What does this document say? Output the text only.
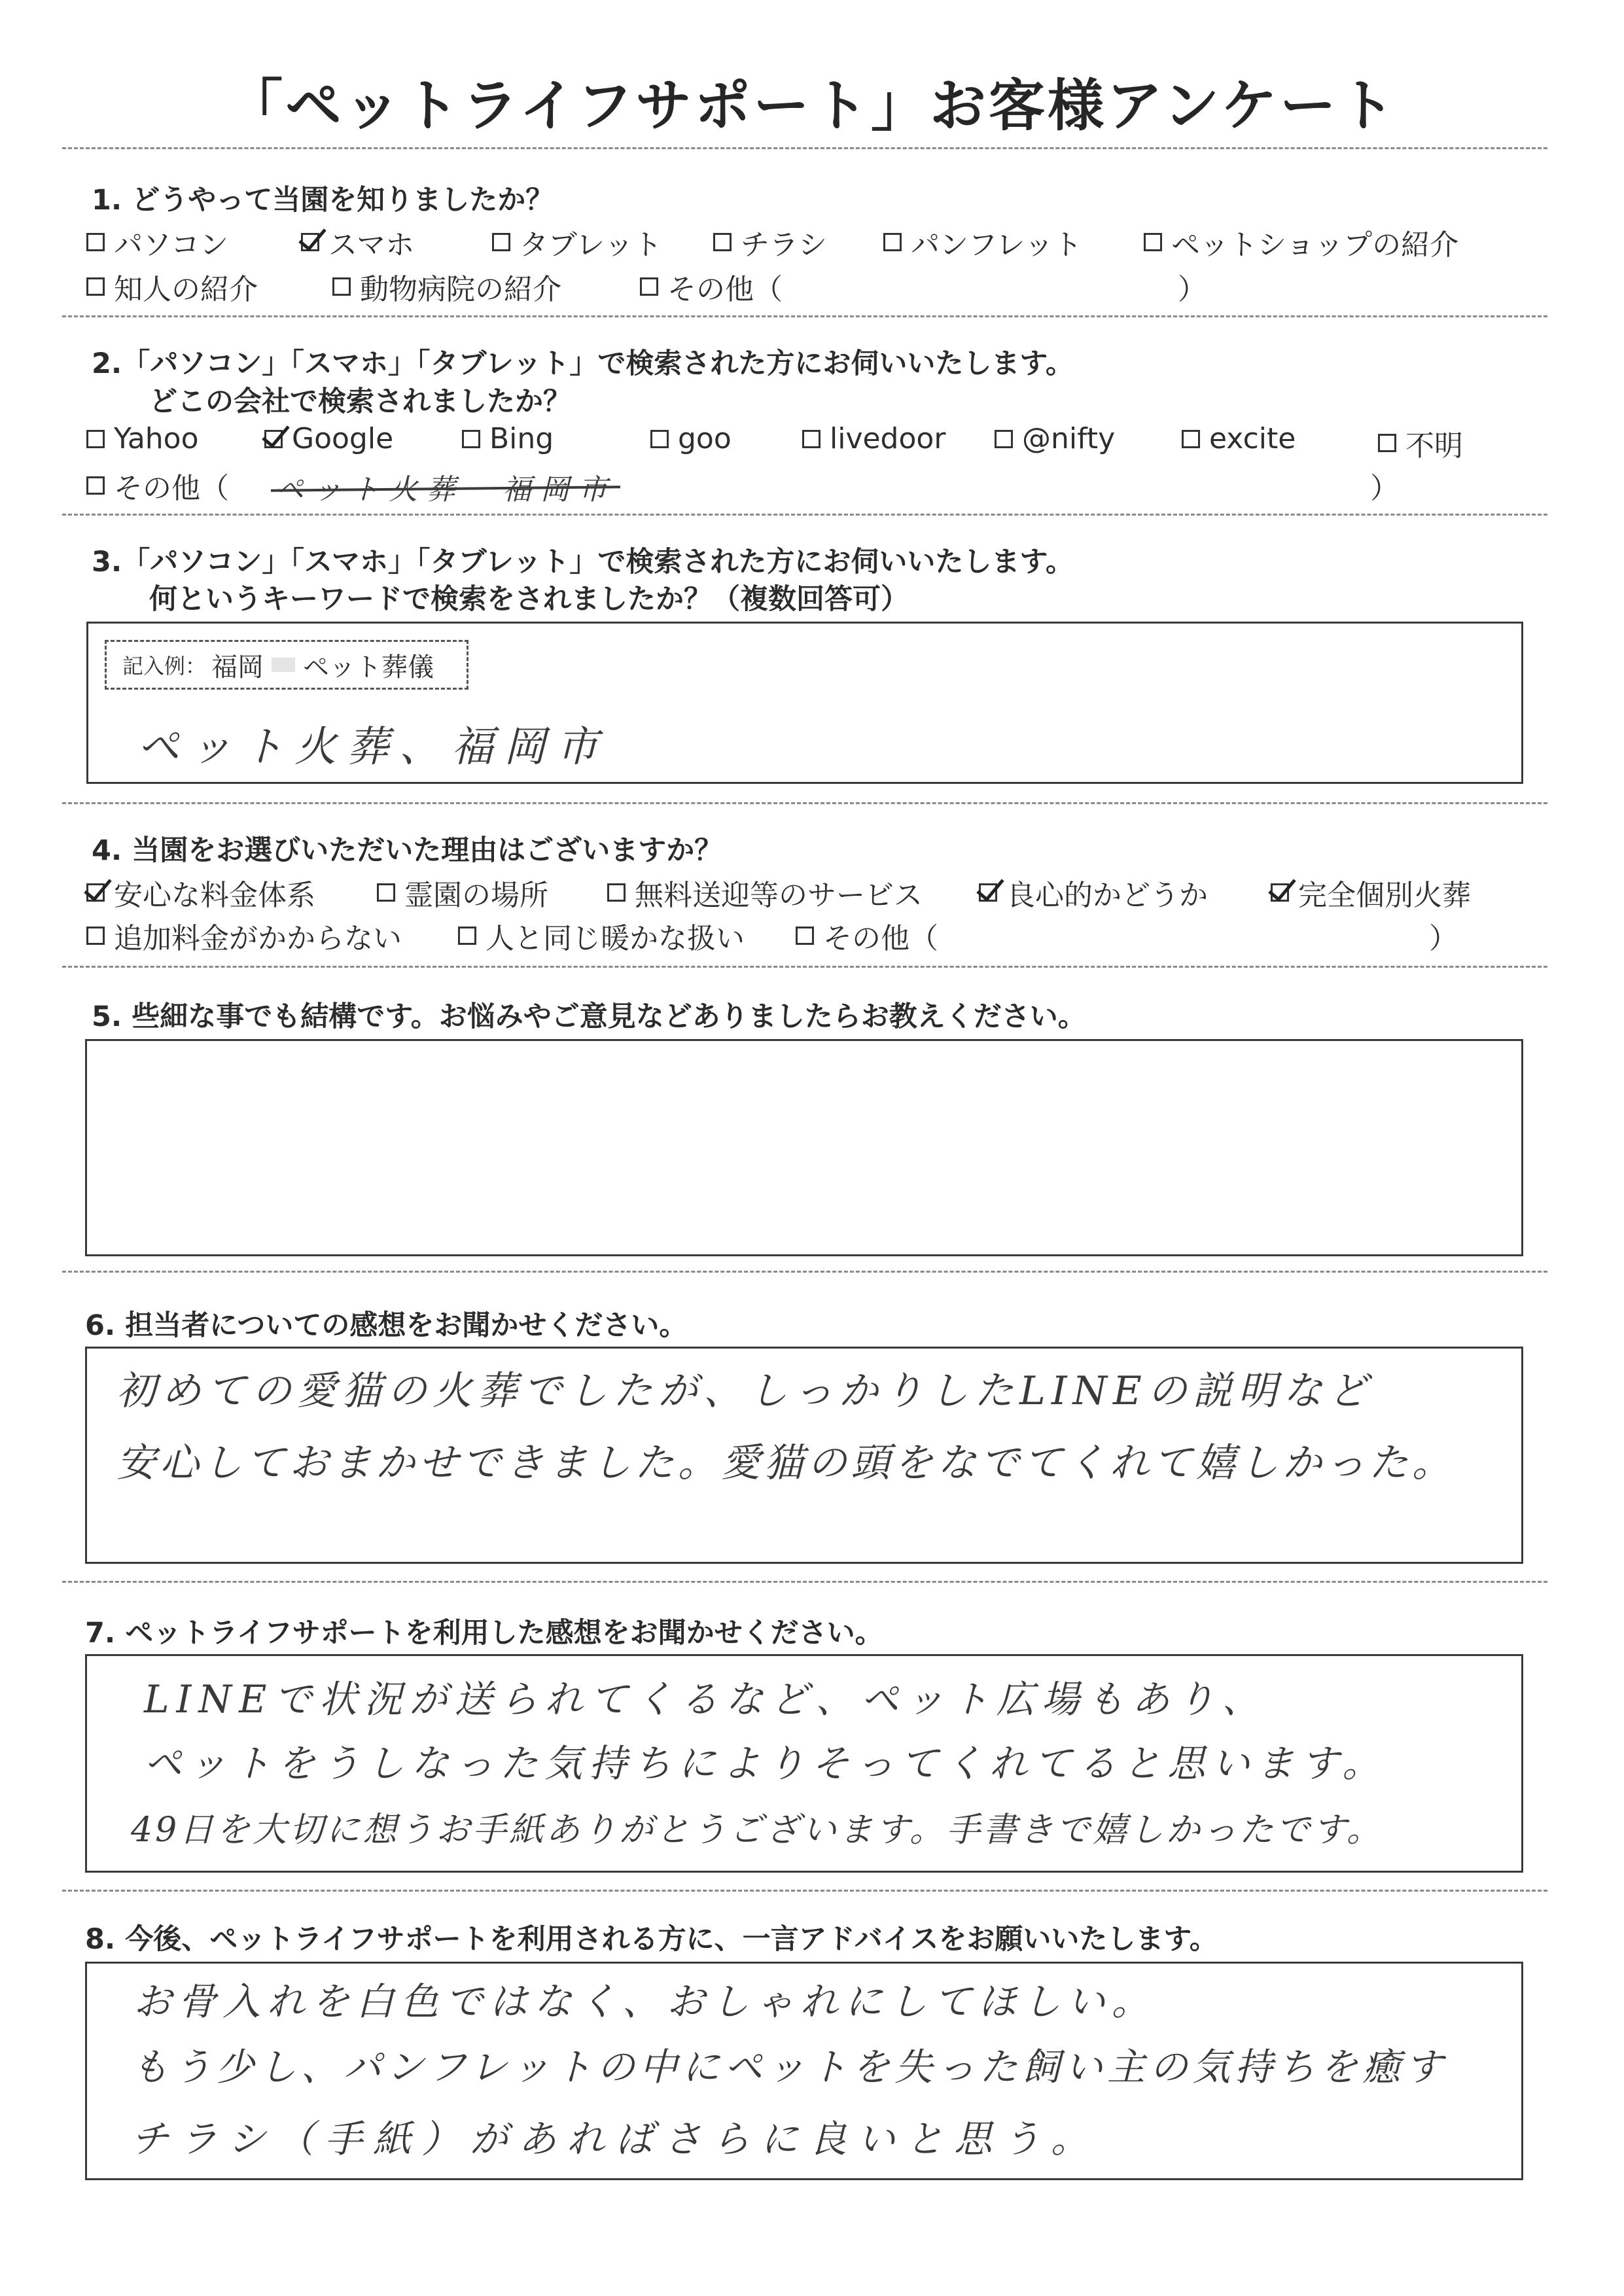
「ペットライフサポート」お客様アンケート
1. どうやって当園を知りましたか？
パソコン	スマホ	タブレット	チラシ	パンフレット	ペットショップの紹介
知人の紹介	動物病院の紹介	その他（	）
2.「パソコン」「スマホ」「タブレット」で検索された方にお伺いいたします。
どこの会社で検索されましたか？
Yahoo	Google	Bing	goo	livedoor	@nifty	excite	不明
その他（ ペット火葬　福岡市	）
3.「パソコン」「スマホ」「タブレット」で検索された方にお伺いいたします。
何というキーワードで検索をされましたか？（複数回答可）
記入例： 福岡 ペット葬儀
ペット火葬、福岡市
4. 当園をお選びいただいた理由はございますか？
安心な料金体系	霊園の場所	無料送迎等のサービス	良心的かどうか	完全個別火葬
追加料金がかからない	人と同じ暖かな扱い	その他（	）
5. 些細な事でも結構です。お悩みやご意見などありましたらお教えください。
6. 担当者についての感想をお聞かせください。
初めての愛猫の火葬でしたが、しっかりしたLINEの説明など
安心しておまかせできました。愛猫の頭をなでてくれて嬉しかった。
7. ペットライフサポートを利用した感想をお聞かせください。
LINEで状況が送られてくるなど、ペット広場もあり、
ペットをうしなった気持ちによりそってくれてると思います。
49日を大切に想うお手紙ありがとうございます。手書きで嬉しかったです。
8. 今後、ペットライフサポートを利用される方に、一言アドバイスをお願いいたします。
お骨入れを白色ではなく、おしゃれにしてほしい。
もう少し、パンフレットの中にペットを失った飼い主の気持ちを癒す
チラシ（手紙）があればさらに良いと思う。
